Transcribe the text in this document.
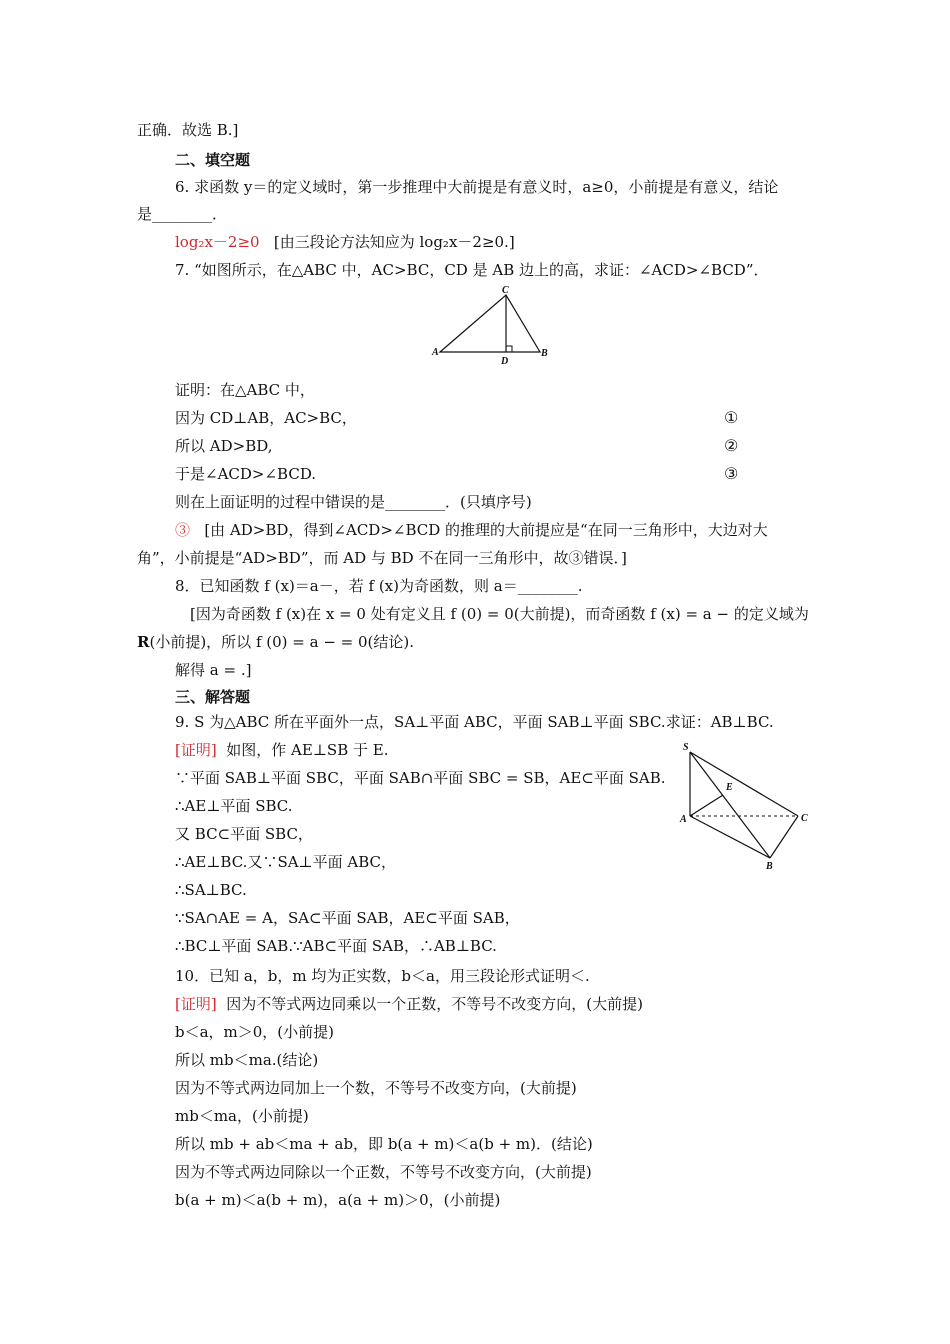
正确．故选 B.]
二、填空题
6. 求函数 y＝的定义域时，第一步推理中大前提是有意义时，a≥0，小前提是有意义，结论
是________．
log₂x－2≥0 [由三段论方法知应为 log₂x－2≥0.]
7. “如图所示，在△ABC 中，AC>BC，CD 是 AB 边上的高，求证：∠ACD>∠BCD”．
C
A
D
B
证明：在△ABC 中，
因为 CD⊥AB，AC>BC，	①
所以 AD>BD,	②
于是∠ACD>∠BCD.	③
则在上面证明的过程中错误的是________．(只填序号)
③ [由 AD>BD，得到∠ACD>∠BCD 的推理的大前提应是“在同一三角形中，大边对大
角”，小前提是“AD>BD”，而 AD 与 BD 不在同一三角形中，故③错误．]
8．已知函数 f (x)＝a－，若 f (x)为奇函数，则 a＝________.
[因为奇函数 f (x)在 x = 0 处有定义且 f (0) = 0(大前提)，而奇函数 f (x) = a − 的定义域为
R(小前提)，所以 f (0) = a − = 0(结论).
解得 a = .]
三、解答题
9. S 为△ABC 所在平面外一点，SA⊥平面 ABC，平面 SAB⊥平面 SBC.求证：AB⊥BC.
[证明] 如图，作 AE⊥SB 于 E.
∵平面 SAB⊥平面 SBC，平面 SAB∩平面 SBC = SB，AE⊂平面 SAB.
∴AE⊥平面 SBC.
又 BC⊂平面 SBC，
∴AE⊥BC.又∵SA⊥平面 ABC，
∴SA⊥BC.
∵SA∩AE = A，SA⊂平面 SAB，AE⊂平面 SAB，
∴BC⊥平面 SAB.∵AB⊂平面 SAB，∴AB⊥BC.
S
E
A	C
B
10．已知 a，b，m 均为正实数，b＜a，用三段论形式证明＜.
[证明] 因为不等式两边同乘以一个正数，不等号不改变方向，(大前提)
b＜a，m＞0，(小前提)
所以 mb＜ma.(结论)
因为不等式两边同加上一个数，不等号不改变方向，(大前提)
mb＜ma，(小前提)
所以 mb + ab＜ma + ab，即 b(a + m)＜a(b + m)．(结论)
因为不等式两边同除以一个正数，不等号不改变方向，(大前提)
b(a + m)＜a(b + m)，a(a + m)＞0，(小前提)
